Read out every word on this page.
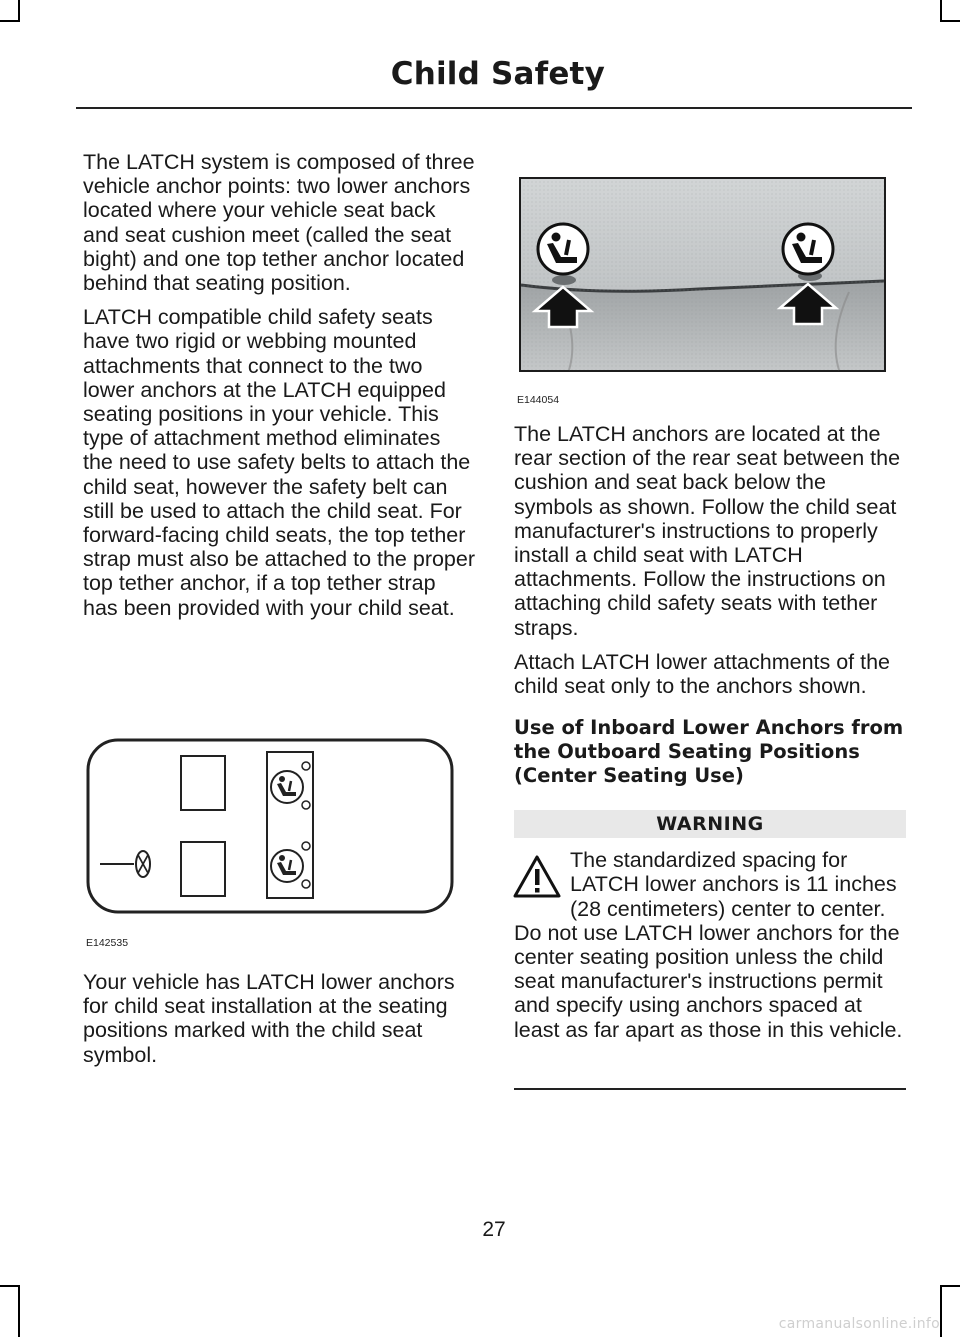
Child Safety

The LATCH system is composed of three vehicle anchor points: two lower anchors located where your vehicle seat back and seat cushion meet (called the seat bight) and one top tether anchor located behind that seating position.

LATCH compatible child safety seats have two rigid or webbing mounted attachments that connect to the two lower anchors at the LATCH equipped seating positions in your vehicle. This type of attachment method eliminates the need to use safety belts to attach the child seat, however the safety belt can still be used to attach the child seat. For forward-facing child seats, the top tether strap must also be attached to the proper top tether anchor, if a top tether strap has been provided with your child seat.

E142535

Your vehicle has LATCH lower anchors for child seat installation at the seating positions marked with the child seat symbol.

E144054

The LATCH anchors are located at the rear section of the rear seat between the cushion and seat back below the symbols as shown. Follow the child seat manufacturer's instructions to properly install a child seat with LATCH attachments. Follow the instructions on attaching child safety seats with tether straps.

Attach LATCH lower attachments of the child seat only to the anchors shown.

Use of Inboard Lower Anchors from the Outboard Seating Positions (Center Seating Use)
WARNING
The standardized spacing for LATCH lower anchors is 11 inches (28 centimeters) center to center. Do not use LATCH lower anchors for the center seating position unless the child seat manufacturer's instructions permit and specify using anchors spaced at least as far apart as those in this vehicle.
27
carmanualsonline.info
